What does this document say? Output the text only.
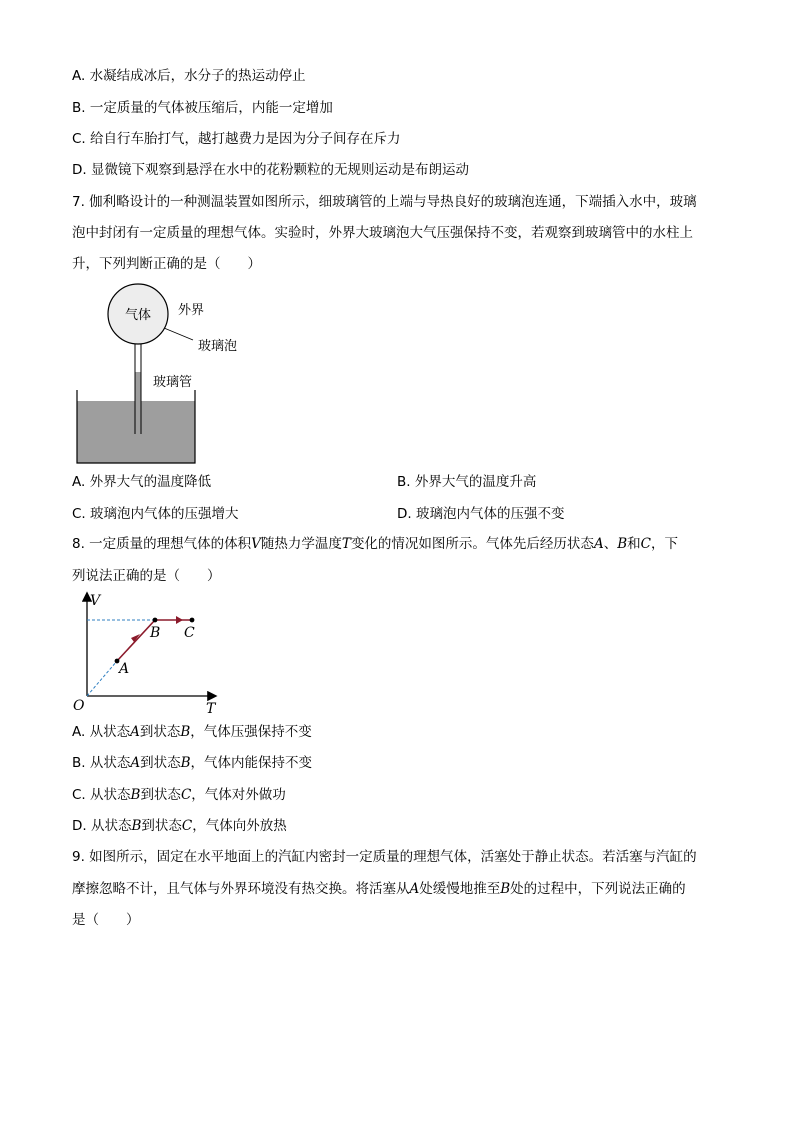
A. 水凝结成冰后，水分子的热运动停止
B. 一定质量的气体被压缩后，内能一定增加
C. 给自行车胎打气，越打越费力是因为分子间存在斥力
D. 显微镜下观察到悬浮在水中的花粉颗粒的无规则运动是布朗运动
7. 伽利略设计的一种测温装置如图所示，细玻璃管的上端与导热良好的玻璃泡连通，下端插入水中，玻璃
泡中封闭有一定质量的理想气体。实验时，外界大玻璃泡大气压强保持不变，若观察到玻璃管中的水柱上
升，下列判断正确的是（　　）
气体 外界
玻璃泡
玻璃管
A. 外界大气的温度降低	B. 外界大气的温度升高
C. 玻璃泡内气体的压强增大	D. 玻璃泡内气体的压强不变
8. 一定质量的理想气体的体积V随热力学温度T变化的情况如图所示。气体先后经历状态A、B和C，下
列说法正确的是（　　）
V
T
O
A
B C
A. 从状态A到状态B，气体压强保持不变
B. 从状态A到状态B，气体内能保持不变
C. 从状态B到状态C，气体对外做功
D. 从状态B到状态C，气体向外放热
9. 如图所示，固定在水平地面上的汽缸内密封一定质量的理想气体，活塞处于静止状态。若活塞与汽缸的
摩擦忽略不计，且气体与外界环境没有热交换。将活塞从A处缓慢地推至B处的过程中，下列说法正确的
是（　　）
